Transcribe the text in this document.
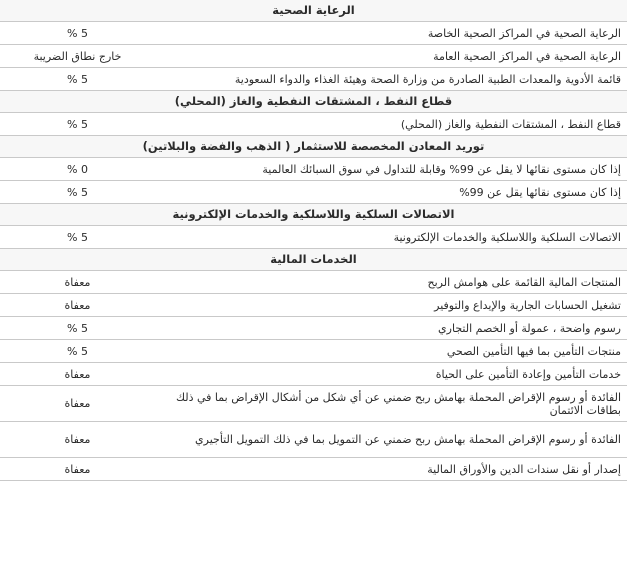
الرعاية الصحية	
الرعاية الصحية في المراكز الصحية الخاصة	5 %
الرعاية الصحية في المراكز الصحية العامة	خارج نطاق الضريبة
قائمة الأدوية والمعدات الطبية الصادرة من وزارة الصحة وهيئة الغذاء والدواء السعودية	5 %
قطاع النفط ، المشتقات النفطية والغاز (المحلي)	
قطاع النفط ، المشتقات النفطية والغاز (المحلي)	5 %
توريد المعادن المخصصة للاستثمار ( الذهب والفضة والبلاتين)	
إذا كان مستوى نقائها لا يقل عن 99% وقابلة للتداول في سوق السبائك العالمية	0 %
إذا كان مستوى نقائها يقل عن 99%	5 %
الاتصالات السلكية واللاسلكية والخدمات الإلكترونية	
الاتصالات السلكية واللاسلكية والخدمات الإلكترونية	5 %
الخدمات المالية	
المنتجات المالية القائمة على هوامش الربح	معفاة
تشغيل الحسابات الجارية والإيداع والتوفير	معفاة
رسوم واضحة ، عمولة أو الخصم التجاري	5 %
منتجات التأمين بما فيها التأمين الصحي	5 %
خدمات التأمين وإعادة التأمين على الحياة	معفاة
الفائدة أو رسوم الإقراض المحملة بهامش ربح ضمني عن أي شكل من أشكال الإقراض بما في ذلك بطاقات الائتمان	معفاة
الفائدة أو رسوم الإقراض المحملة بهامش ربح ضمني عن التمويل بما في ذلك التمويل التأجيري	معفاة
إصدار أو نقل سندات الدين والأوراق المالية	معفاة
